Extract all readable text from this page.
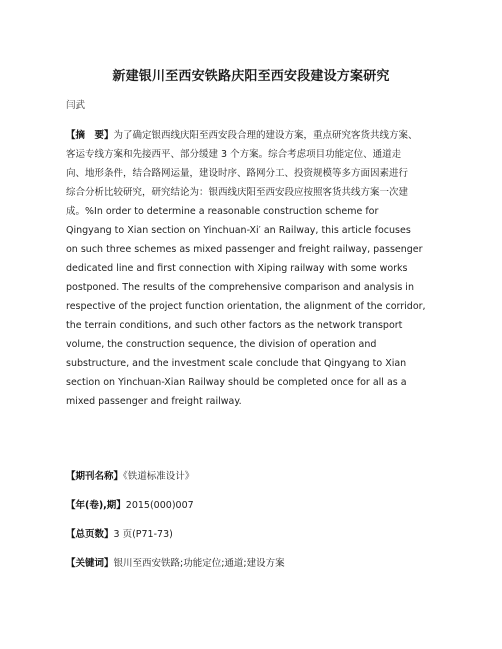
新建银川至西安铁路庆阳至西安段建设方案研究
闫武
【摘　要】为了确定银西线庆阳至西安段合理的建设方案，重点研究客货共线方案、
客运专线方案和先接西平、部分缓建 3 个方案。综合考虑项目功能定位、通道走
向、地形条件，结合路网运量，建设时序、路网分工、投资规模等多方面因素进行
综合分析比较研究，研究结论为：银西线庆阳至西安段应按照客货共线方案一次建
成。%In order to determine a reasonable construction scheme for
Qingyang to Xian section on Yinchuan-Xi′ an Railway, this article focuses
on such three schemes as mixed passenger and freight railway, passenger
dedicated line and first connection with Xiping railway with some works
postponed. The results of the comprehensive comparison and analysis in
respective of the project function orientation, the alignment of the corridor,
the terrain conditions, and such other factors as the network transport
volume, the construction sequence, the division of operation and
substructure, and the investment scale conclude that Qingyang to Xian
section on Yinchuan-Xian Railway should be completed once for all as a
mixed passenger and freight railway.
【期刊名称】《铁道标准设计》
【年(卷),期】2015(000)007
【总页数】3 页(P71-73)
【关键词】银川至西安铁路;功能定位;通道;建设方案
